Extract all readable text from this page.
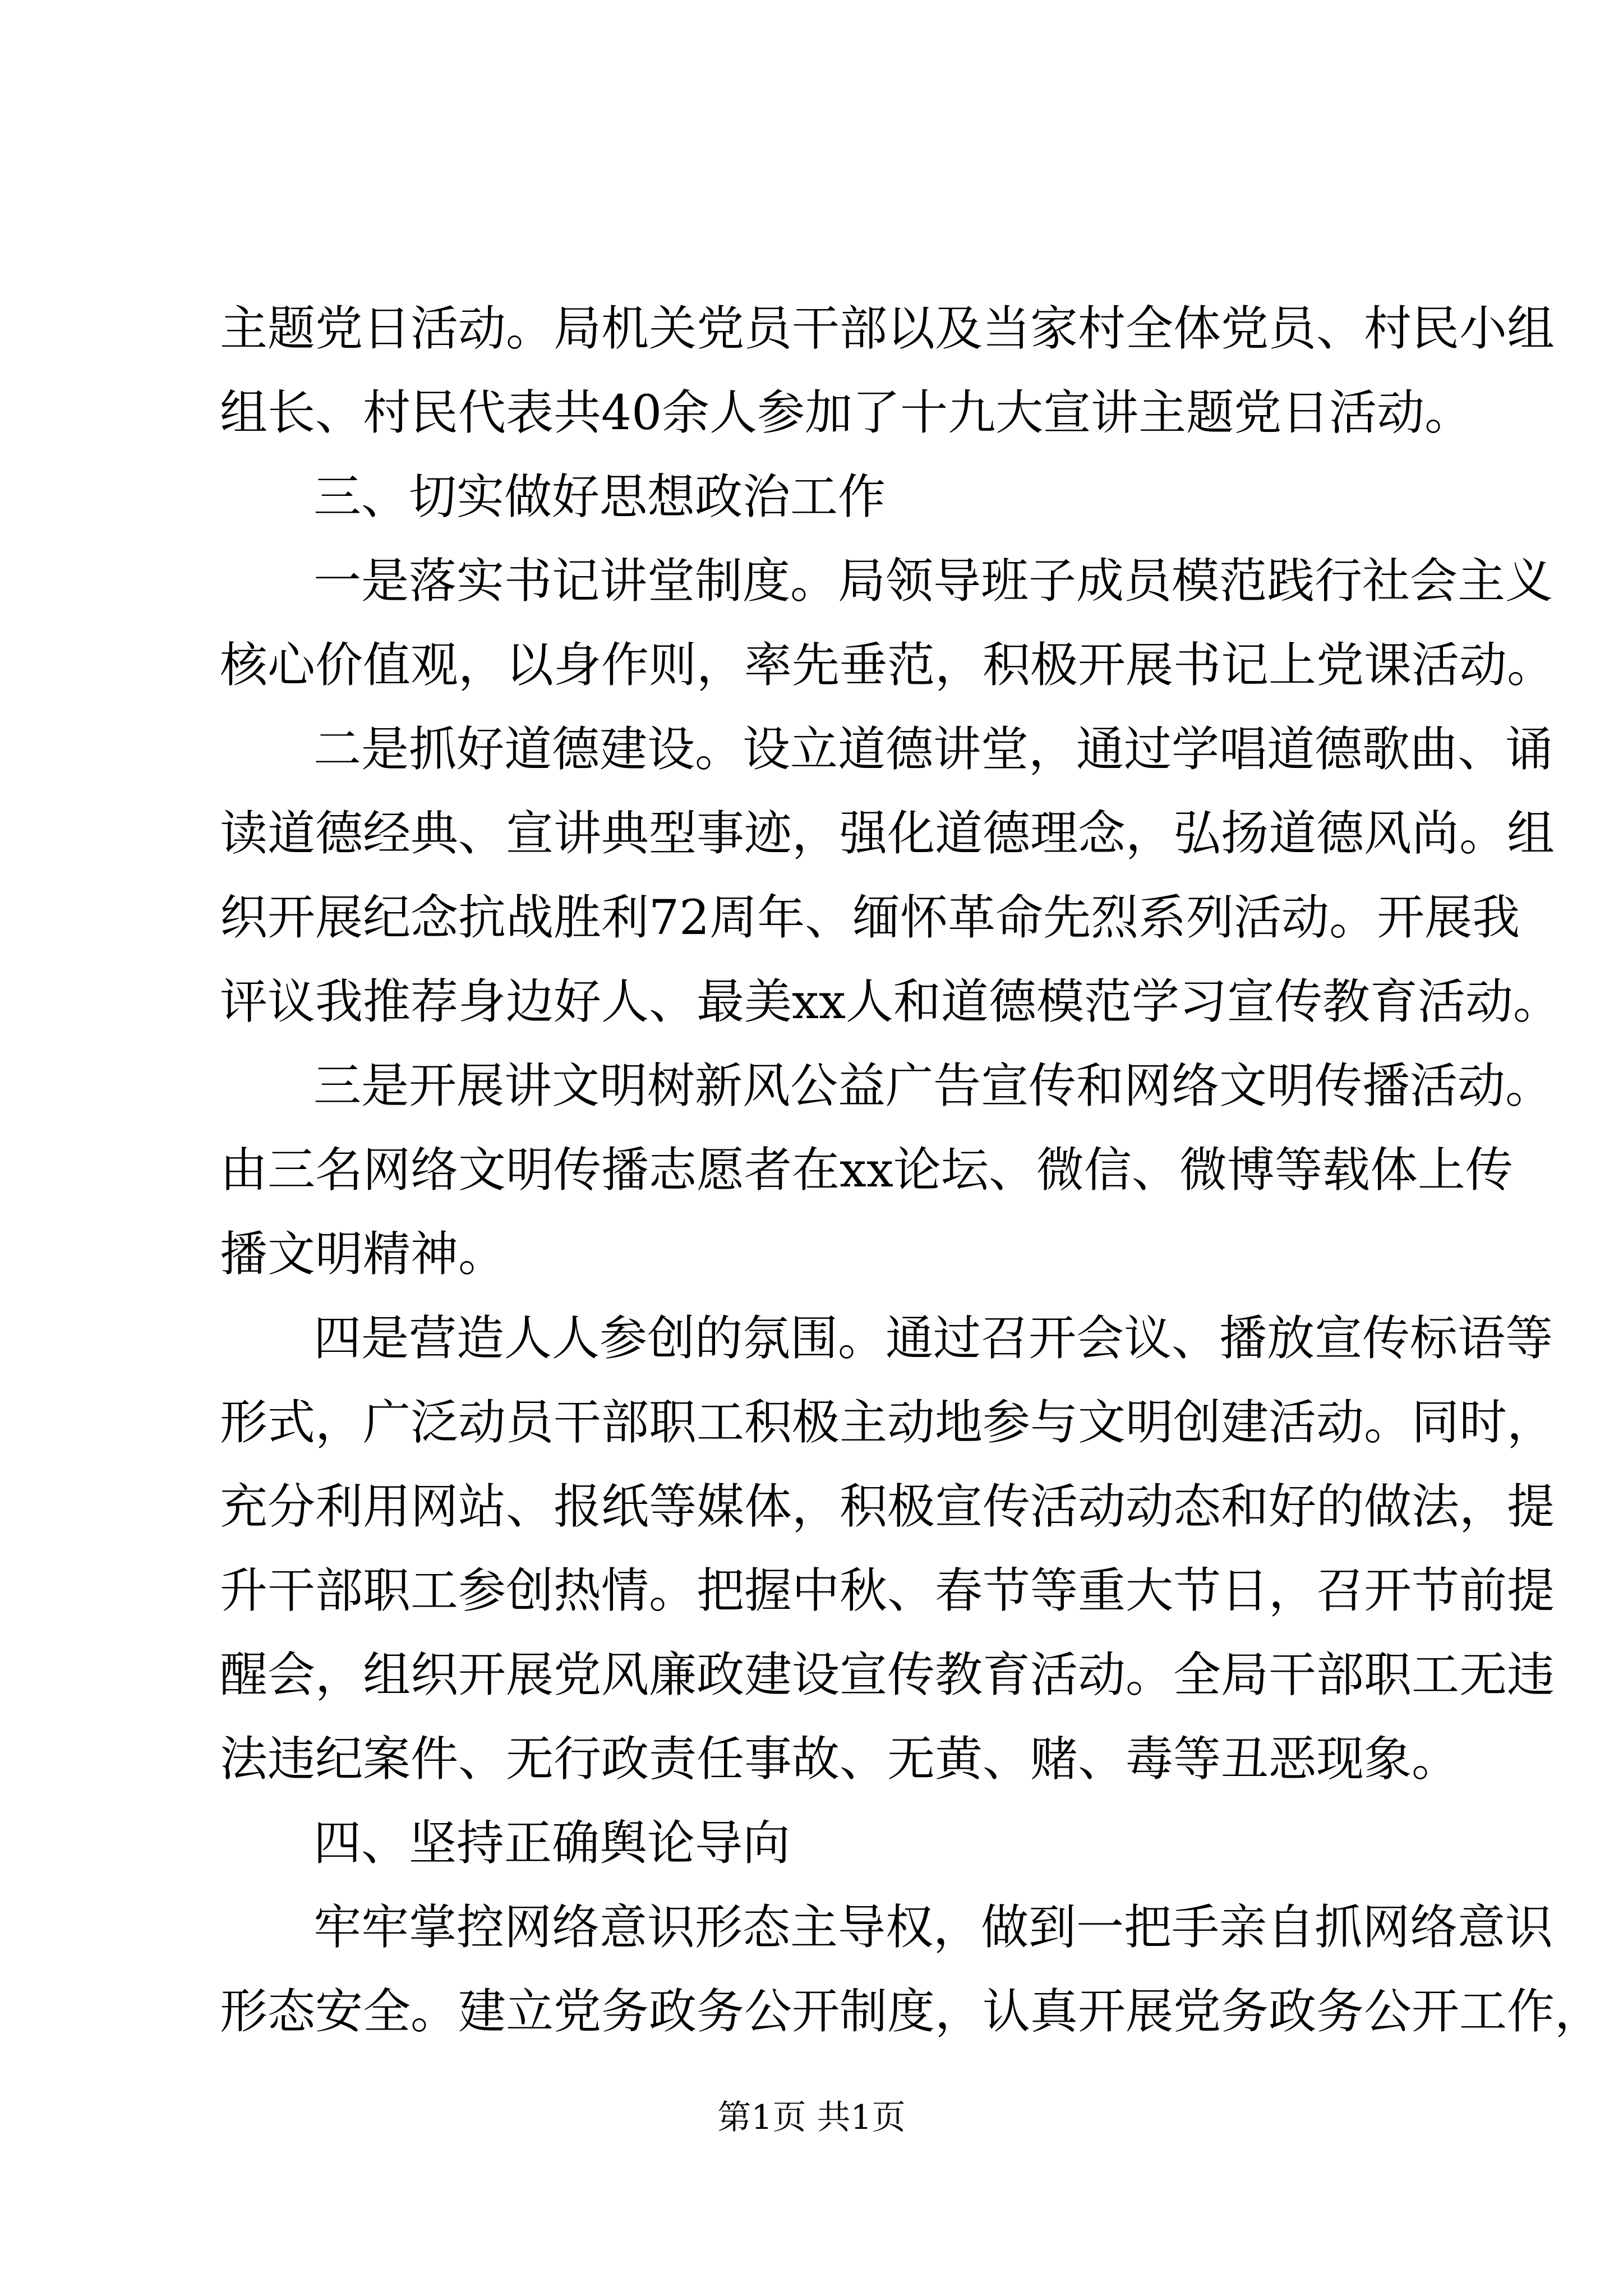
主题党日活动。局机关党员干部以及当家村全体党员、村民小组
组长、村民代表共40余人参加了十九大宣讲主题党日活动。
三、切实做好思想政治工作
一是落实书记讲堂制度。局领导班子成员模范践行社会主义
核心价值观，以身作则，率先垂范，积极开展书记上党课活动。
二是抓好道德建设。设立道德讲堂，通过学唱道德歌曲、诵
读道德经典、宣讲典型事迹，强化道德理念，弘扬道德风尚。组
织开展纪念抗战胜利72周年、缅怀革命先烈系列活动。开展我
评议我推荐身边好人、最美xx人和道德模范学习宣传教育活动。
三是开展讲文明树新风公益广告宣传和网络文明传播活动。
由三名网络文明传播志愿者在xx论坛、微信、微博等载体上传
播文明精神。
四是营造人人参创的氛围。通过召开会议、播放宣传标语等
形式，广泛动员干部职工积极主动地参与文明创建活动。同时，
充分利用网站、报纸等媒体，积极宣传活动动态和好的做法，提
升干部职工参创热情。把握中秋、春节等重大节日，召开节前提
醒会，组织开展党风廉政建设宣传教育活动。全局干部职工无违
法违纪案件、无行政责任事故、无黄、赌、毒等丑恶现象。
四、坚持正确舆论导向
牢牢掌控网络意识形态主导权，做到一把手亲自抓网络意识
形态安全。建立党务政务公开制度，认真开展党务政务公开工作，
第1页 共1页
